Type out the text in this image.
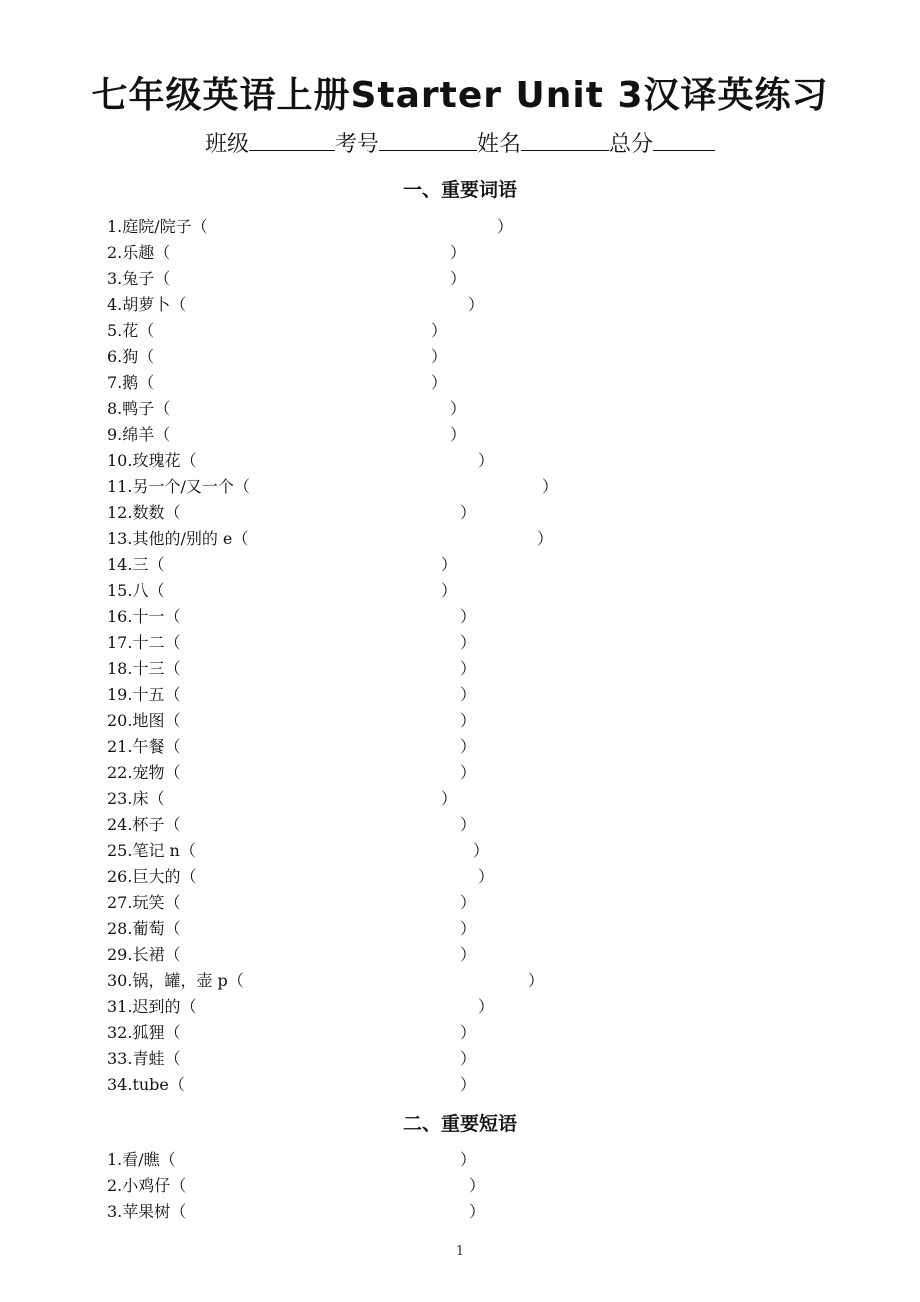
七年级英语上册Starter Unit 3汉译英练习
班级	考号	姓名	总分
一、重要词语
1.庭院/院子（	）
2.乐趣（	）
3.兔子（	）
4.胡萝卜（	）
5.花（	）
6.狗（	）
7.鹅（	）
8.鸭子（	）
9.绵羊（	）
10.玫瑰花（	）
11.另一个/又一个（	）
12.数数（	）
13.其他的/别的 e（	）
14.三（	）
15.八（	）
16.十一（	）
17.十二（	）
18.十三（	）
19.十五（	）
20.地图（	）
21.午餐（	）
22.宠物（	）
23.床（	）
24.杯子（	）
25.笔记 n（	）
26.巨大的（	）
27.玩笑（	）
28.葡萄（	）
29.长裙（	）
30.锅，罐，壶 p（	）
31.迟到的（	）
32.狐狸（	）
33.青蛙（	）
34.tube（	）
二、重要短语
1.看/瞧（	）
2.小鸡仔（	）
3.苹果树（	）
1
